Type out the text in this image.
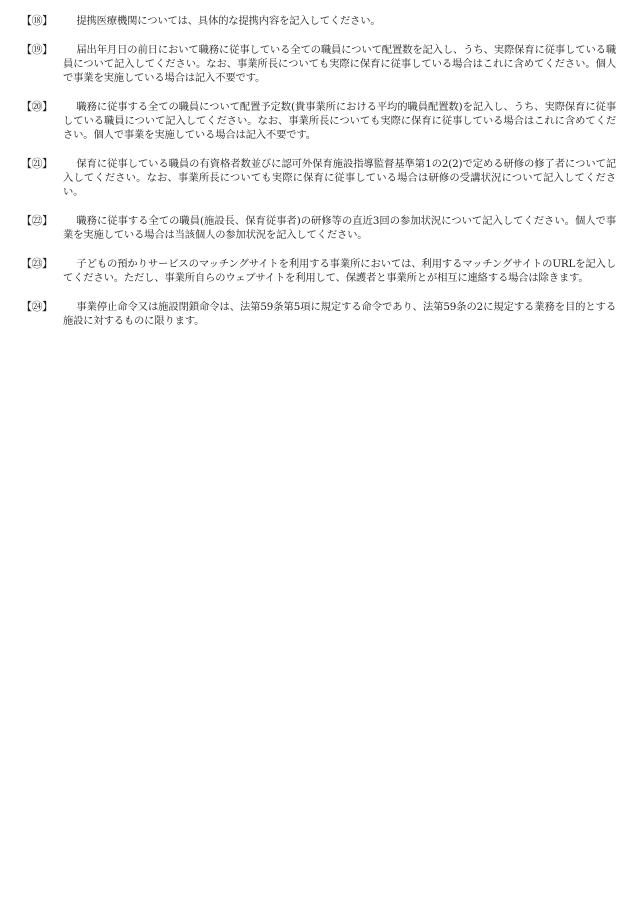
【⑱】	提携医療機関については、具体的な提携内容を記入してください。
【⑲】	届出年月日の前日において職務に従事している全ての職員について配置数を記入し、うち、実際保育に従事している職員について記入してください。なお、事業所長についても実際に保育に従事している場合はこれに含めてください。個人で事業を実施している場合は記入不要です。
【⑳】	職務に従事する全ての職員について配置予定数(貴事業所における平均的職員配置数)を記入し、うち、実際保育に従事している職員について記入してください。なお、事業所長についても実際に保育に従事している場合はこれに含めてください。個人で事業を実施している場合は記入不要です。
【㉑】	保育に従事している職員の有資格者数並びに認可外保育施設指導監督基準第1の2(2)で定める研修の修了者について記入してください。なお、事業所長についても実際に保育に従事している場合は研修の受講状況について記入してください。
【㉒】	職務に従事する全ての職員(施設長、保育従事者)の研修等の直近3回の参加状況について記入してください。個人で事業を実施している場合は当該個人の参加状況を記入してください。
【㉓】	子どもの預かりサービスのマッチングサイトを利用する事業所においては、利用するマッチングサイトのURLを記入してください。ただし、事業所自らのウェブサイトを利用して、保護者と事業所とが相互に連絡する場合は除きます。
【㉔】	事業停止命令又は施設閉鎖命令は、法第59条第5項に規定する命令であり、法第59条の2に規定する業務を目的とする施設に対するものに限ります。
